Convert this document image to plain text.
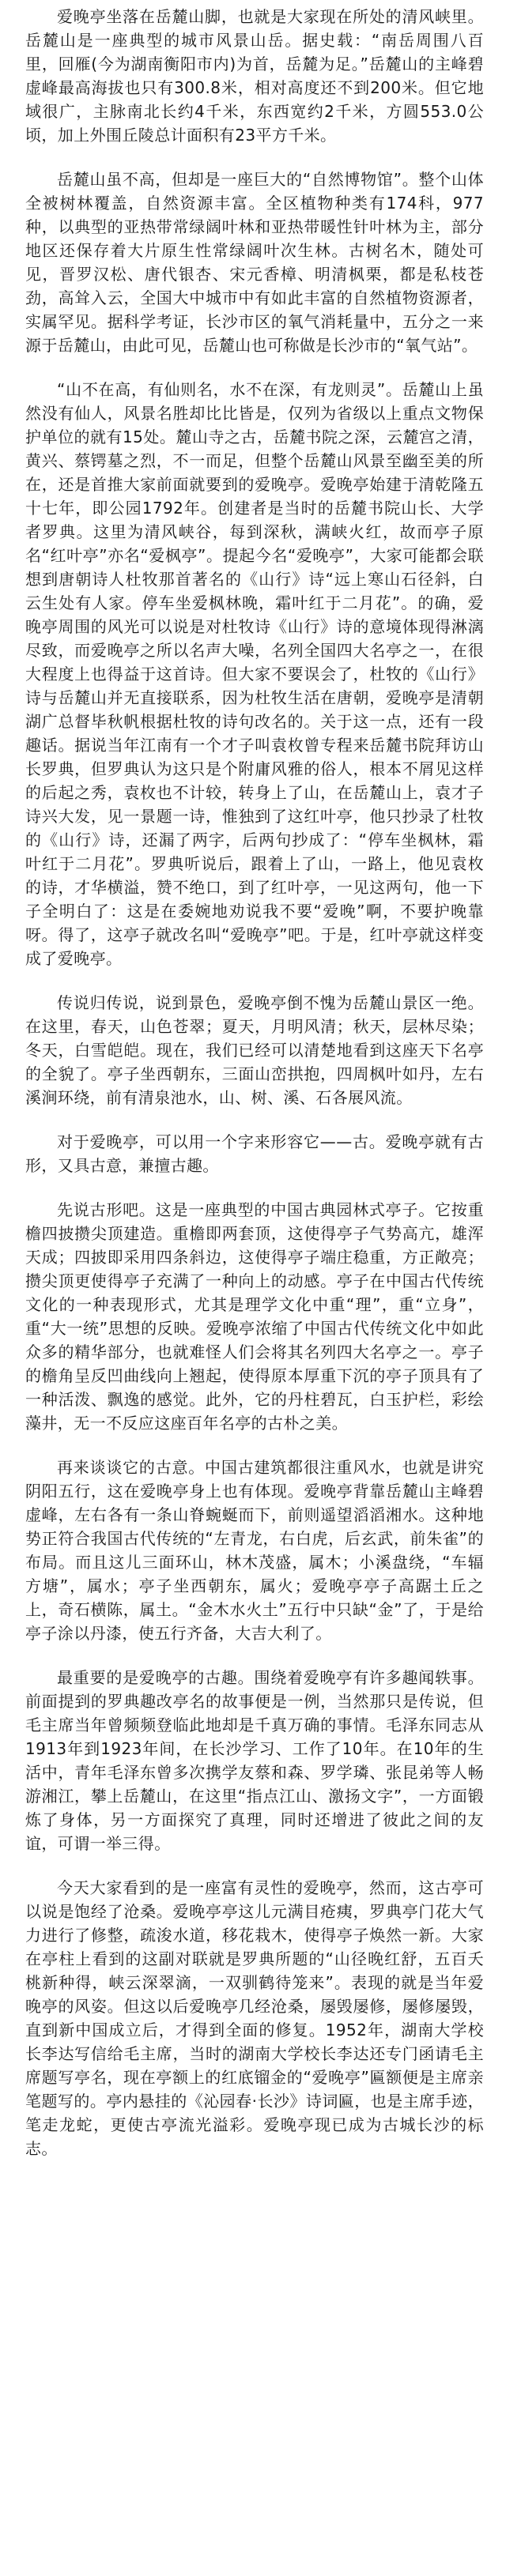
爱晚亭坐落在岳麓山脚，也就是大家现在所处的清风峡里。岳麓山是一座典型的城市风景山岳。据史载：“南岳周围八百里，回雁(今为湖南衡阳市内)为首，岳麓为足。”岳麓山的主峰碧虚峰最高海拔也只有300.8米，相对高度还不到200米。但它地域很广，主脉南北长约4千米，东西宽约2千米，方圆553.0公顷，加上外围丘陵总计面积有23平方千米。

岳麓山虽不高，但却是一座巨大的“自然博物馆”。整个山体全被树林覆盖，自然资源丰富。全区植物种类有174科，977种，以典型的亚热带常绿阔叶林和亚热带暖性针叶林为主，部分地区还保存着大片原生性常绿阔叶次生林。古树名木，随处可见，晋罗汉松、唐代银杏、宋元香樟、明清枫栗，都是私枝苍劲，高耸入云，全国大中城市中有如此丰富的自然植物资源者，实属罕见。据科学考证，长沙市区的氧气消耗量中，五分之一来源于岳麓山，由此可见，岳麓山也可称做是长沙市的“氧气站”。

“山不在高，有仙则名，水不在深，有龙则灵”。岳麓山上虽然没有仙人，风景名胜却比比皆是，仅列为省级以上重点文物保护单位的就有15处。麓山寺之古，岳麓书院之深，云麓宫之清，黄兴、蔡锷墓之烈，不一而足，但整个岳麓山风景至幽至美的所在，还是首推大家前面就要到的爱晚亭。爱晚亭始建于清乾隆五十七年，即公园1792年。创建者是当时的岳麓书院山长、大学者罗典。这里为清风峡谷，每到深秋，满峡火红，故而亭子原名“红叶亭”亦名“爱枫亭”。提起今名“爱晚亭”，大家可能都会联想到唐朝诗人杜牧那首著名的《山行》诗“远上寒山石径斜，白云生处有人家。停车坐爱枫林晚，霜叶红于二月花”。的确，爱晚亭周围的风光可以说是对杜牧诗《山行》诗的意境体现得淋漓尽致，而爱晚亭之所以名声大噪，名列全国四大名亭之一，在很大程度上也得益于这首诗。但大家不要误会了，杜牧的《山行》诗与岳麓山并无直接联系，因为杜牧生活在唐朝，爱晚亭是清朝湖广总督毕秋帆根据杜牧的诗句改名的。关于这一点，还有一段趣话。据说当年江南有一个才子叫袁枚曾专程来岳麓书院拜访山长罗典，但罗典认为这只是个附庸风雅的俗人，根本不屑见这样的后起之秀，袁枚也不计较，转身上了山，在岳麓山上，袁才子诗兴大发，见一景题一诗，惟独到了这红叶亭，他只抄录了杜牧的《山行》诗，还漏了两字，后两句抄成了：“停车坐枫林，霜叶红于二月花”。罗典听说后，跟着上了山，一路上，他见袁枚的诗，才华横溢，赞不绝口，到了红叶亭，一见这两句，他一下子全明白了：这是在委婉地劝说我不要“爱晚”啊，不要护晚靠呀。得了，这亭子就改名叫“爱晚亭”吧。于是，红叶亭就这样变成了爱晚亭。

传说归传说，说到景色，爱晚亭倒不愧为岳麓山景区一绝。在这里，春天，山色苍翠；夏天，月明风清；秋天，层林尽染；冬天，白雪皑皑。现在，我们已经可以清楚地看到这座天下名亭的全貌了。亭子坐西朝东，三面山峦拱抱，四周枫叶如丹，左右溪涧环绕，前有清泉池水，山、树、溪、石各展风流。

对于爱晚亭，可以用一个字来形容它——古。爱晚亭就有古形，又具古意，兼擅古趣。

先说古形吧。这是一座典型的中国古典园林式亭子。它按重檐四披攒尖顶建造。重檐即两套顶，这使得亭子气势高亢，雄浑天成；四披即采用四条斜边，这使得亭子端庄稳重，方正敞亮；攒尖顶更使得亭子充满了一种向上的动感。亭子在中国古代传统文化的一种表现形式，尤其是理学文化中重“理”，重“立身”，重“大一统”思想的反映。爱晚亭浓缩了中国古代传统文化中如此众多的精华部分，也就难怪人们会将其名列四大名亭之一。亭子的檐角呈反凹曲线向上翘起，使得原本厚重下沉的亭子顶具有了一种活泼、飘逸的感觉。此外，它的丹柱碧瓦，白玉护栏，彩绘藻井，无一不反应这座百年名亭的古朴之美。

再来谈谈它的古意。中国古建筑都很注重风水，也就是讲究阴阳五行，这在爱晚亭身上也有体现。爱晚亭背靠岳麓山主峰碧虚峰，左右各有一条山脊蜿蜒而下，前则遥望滔滔湘水。这种地势正符合我国古代传统的“左青龙，右白虎，后玄武，前朱雀”的布局。而且这儿三面环山，林木茂盛，属木；小溪盘绕，“车辐方塘”，属水；亭子坐西朝东，属火；爱晚亭亭子高踞土丘之上，奇石横陈，属土。“金木水火土”五行中只缺“金”了，于是给亭子涂以丹漆，使五行齐备，大吉大利了。

最重要的是爱晚亭的古趣。围绕着爱晚亭有许多趣闻轶事。前面提到的罗典趣改亭名的故事便是一例，当然那只是传说，但毛主席当年曾频频登临此地却是千真万确的事情。毛泽东同志从1913年到1923年间，在长沙学习、工作了10年。在10年的生活中，青年毛泽东曾多次携学友蔡和森、罗学璘、张昆弟等人畅游湘江，攀上岳麓山，在这里“指点江山、激扬文字”，一方面锻炼了身体，另一方面探究了真理，同时还增进了彼此之间的友谊，可谓一举三得。

今天大家看到的是一座富有灵性的爱晚亭，然而，这古亭可以说是饱经了沧桑。爱晚亭亭这儿元满目疮痍，罗典亭门花大气力进行了修整，疏浚水道，移花栽木，使得亭子焕然一新。大家在亭柱上看到的这副对联就是罗典所题的“山径晚红舒，五百夭桃新种得，峡云深翠滴，一双驯鹤待笼来”。表现的就是当年爱晚亭的风姿。但这以后爱晚亭几经沧桑，屡毁屡修，屡修屡毁，直到新中国成立后，才得到全面的修复。1952年，湖南大学校长李达写信给毛主席，当时的湖南大学校长李达还专门函请毛主席题写亭名，现在亭额上的红底镏金的“爱晚亭”匾额便是主席亲笔题写的。亭内悬挂的《沁园春·长沙》诗词匾，也是主席手迹，笔走龙蛇，更使古亭流光溢彩。爱晚亭现已成为古城长沙的标志。
